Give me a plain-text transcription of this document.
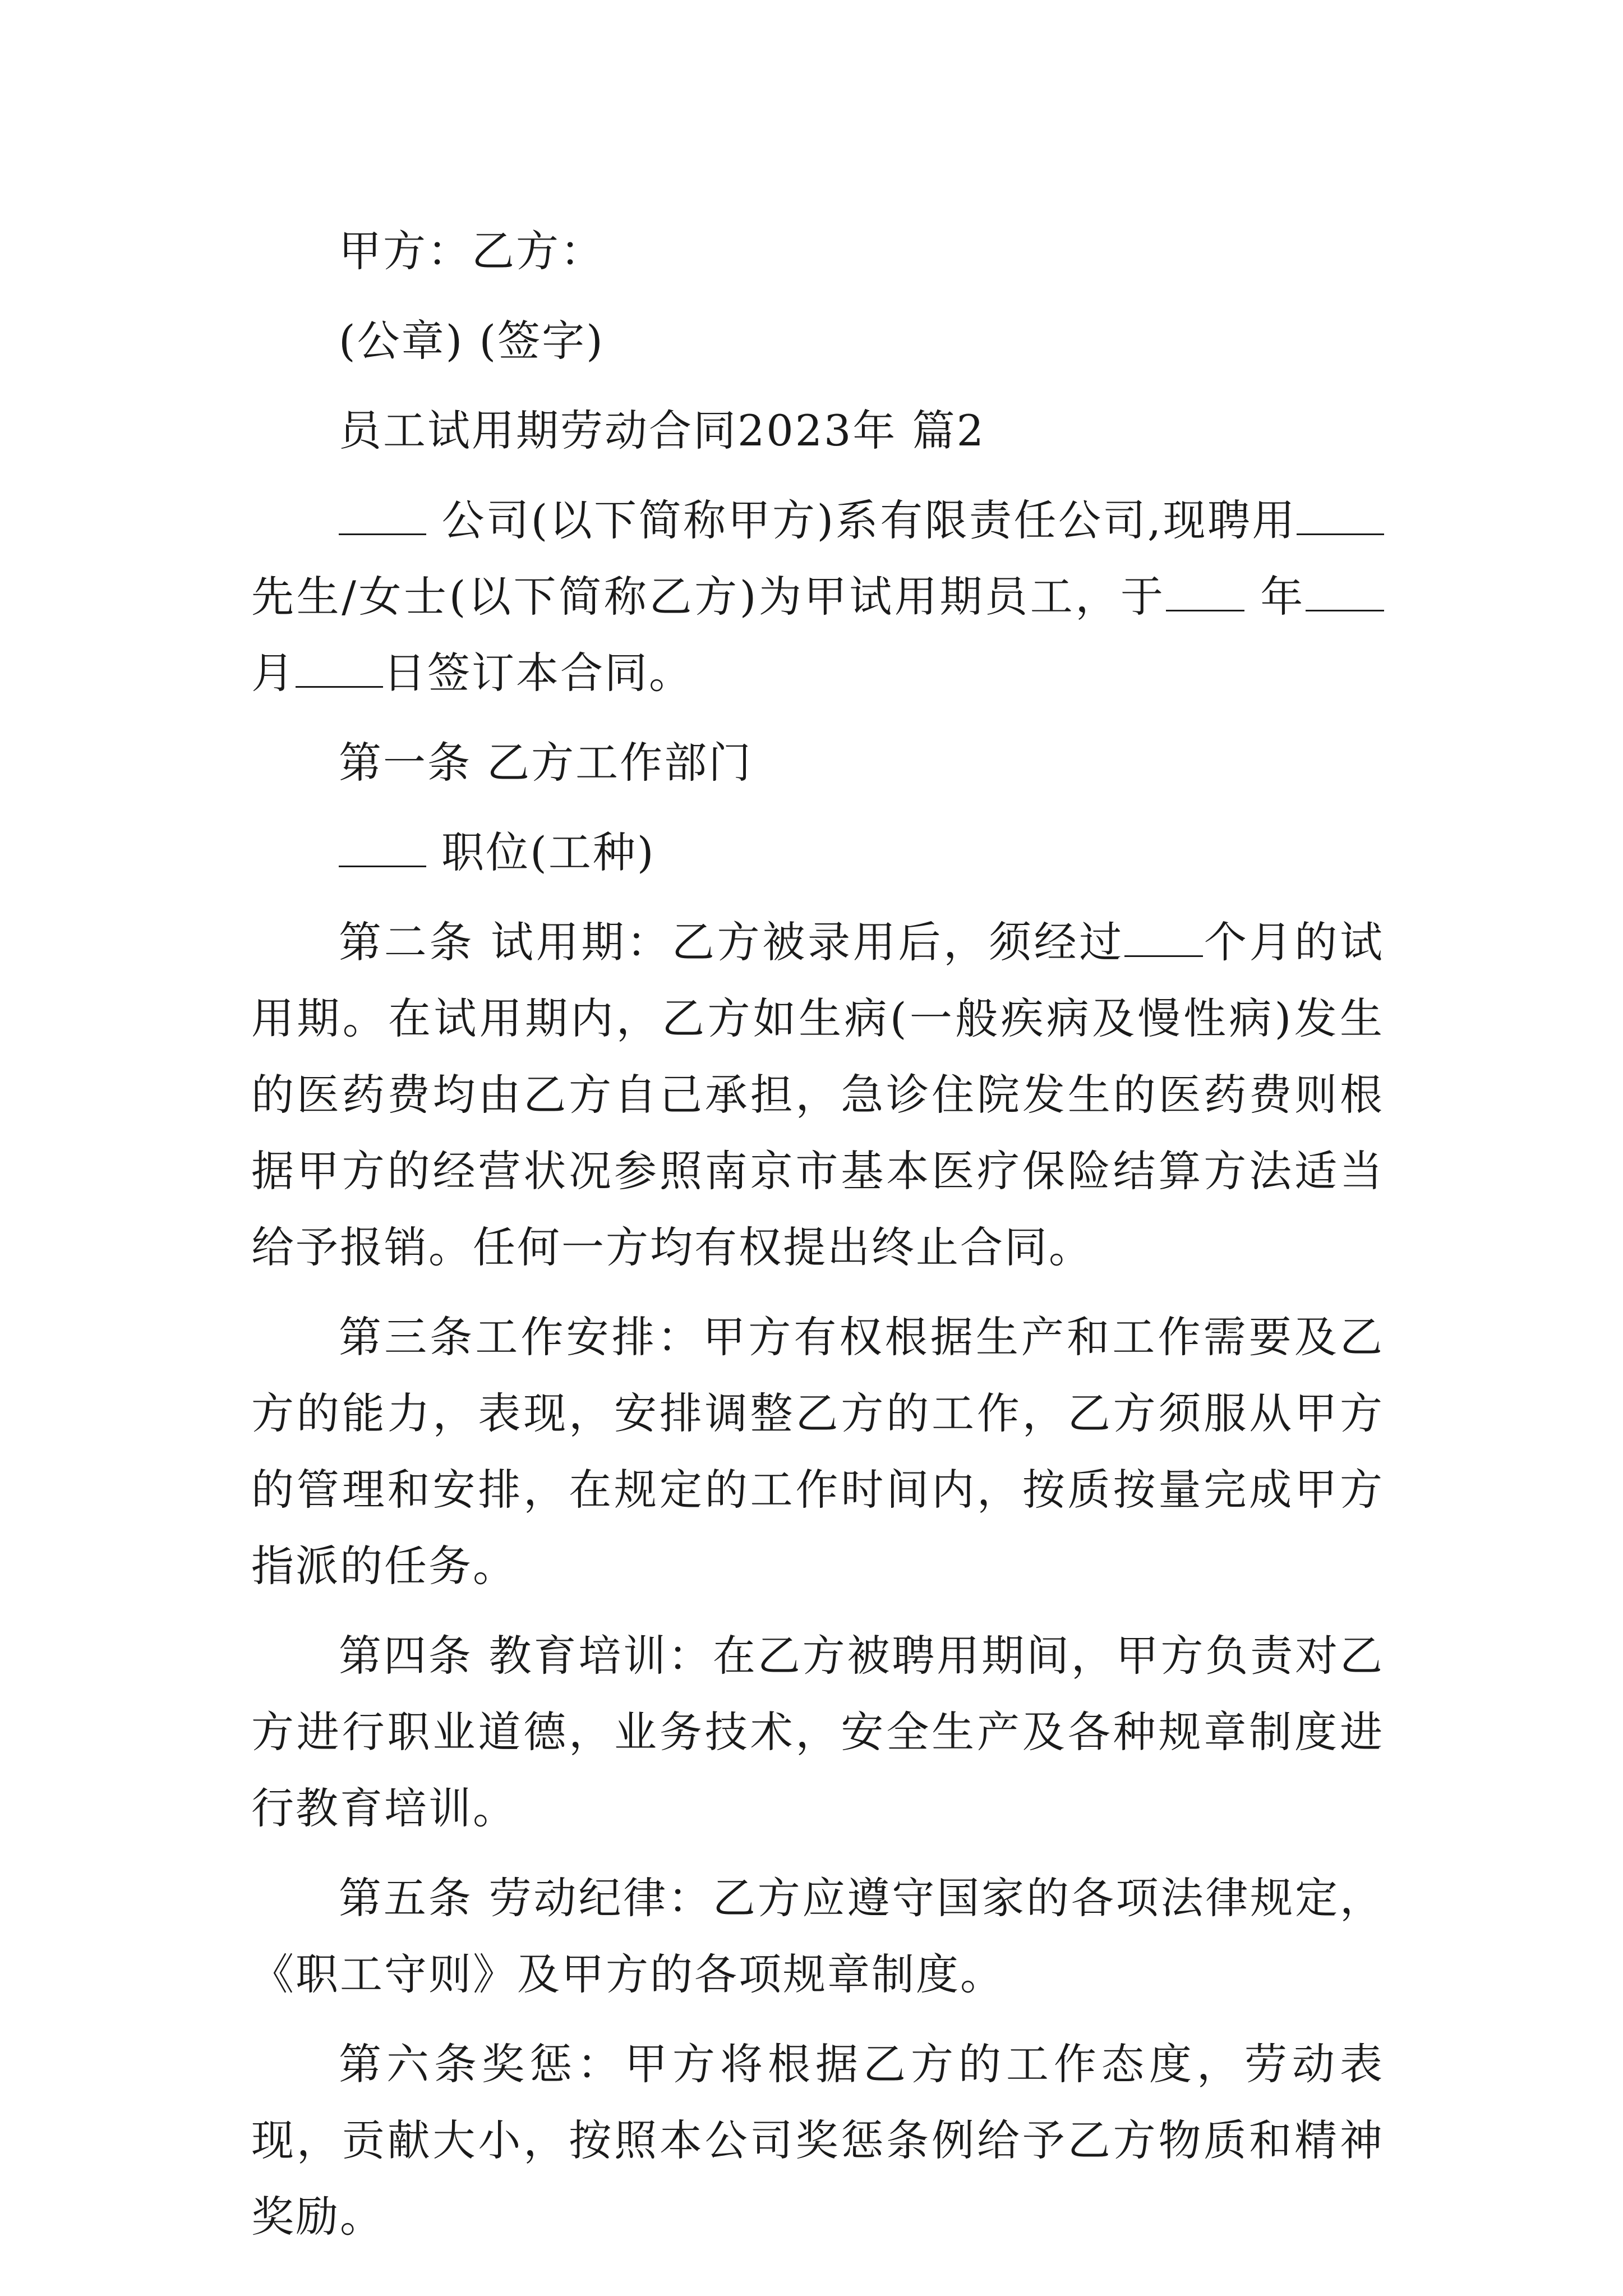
甲方：乙方：

(公章) (签字)

员工试用期劳动合同2023年 篇2

公司(以下简称甲方)系有限责任公司,现聘用先生/女士(以下简称乙方)为甲试用期员工，于 年月 日签订本合同。

第一条 乙方工作部门

职位(工种)

第二条 试用期：乙方被录用后，须经过 个月的试用期。在试用期内，乙方如生病(一般疾病及慢性病)发生的医药费均由乙方自己承担，急诊住院发生的医药费则根据甲方的经营状况参照南京市基本医疗保险结算方法适当给予报销。任何一方均有权提出终止合同。

第三条工作安排：甲方有权根据生产和工作需要及乙方的能力，表现，安排调整乙方的工作，乙方须服从甲方的管理和安排，在规定的工作时间内，按质按量完成甲方指派的任务。

第四条 教育培训：在乙方被聘用期间，甲方负责对乙方进行职业道德，业务技术，安全生产及各种规章制度进行教育培训。

第五条 劳动纪律：乙方应遵守国家的各项法律规定，《职工守则》及甲方的各项规章制度。

第六条奖惩：甲方将根据乙方的工作态度，劳动表现，贡献大小，按照本公司奖惩条例给予乙方物质和精神奖励。
